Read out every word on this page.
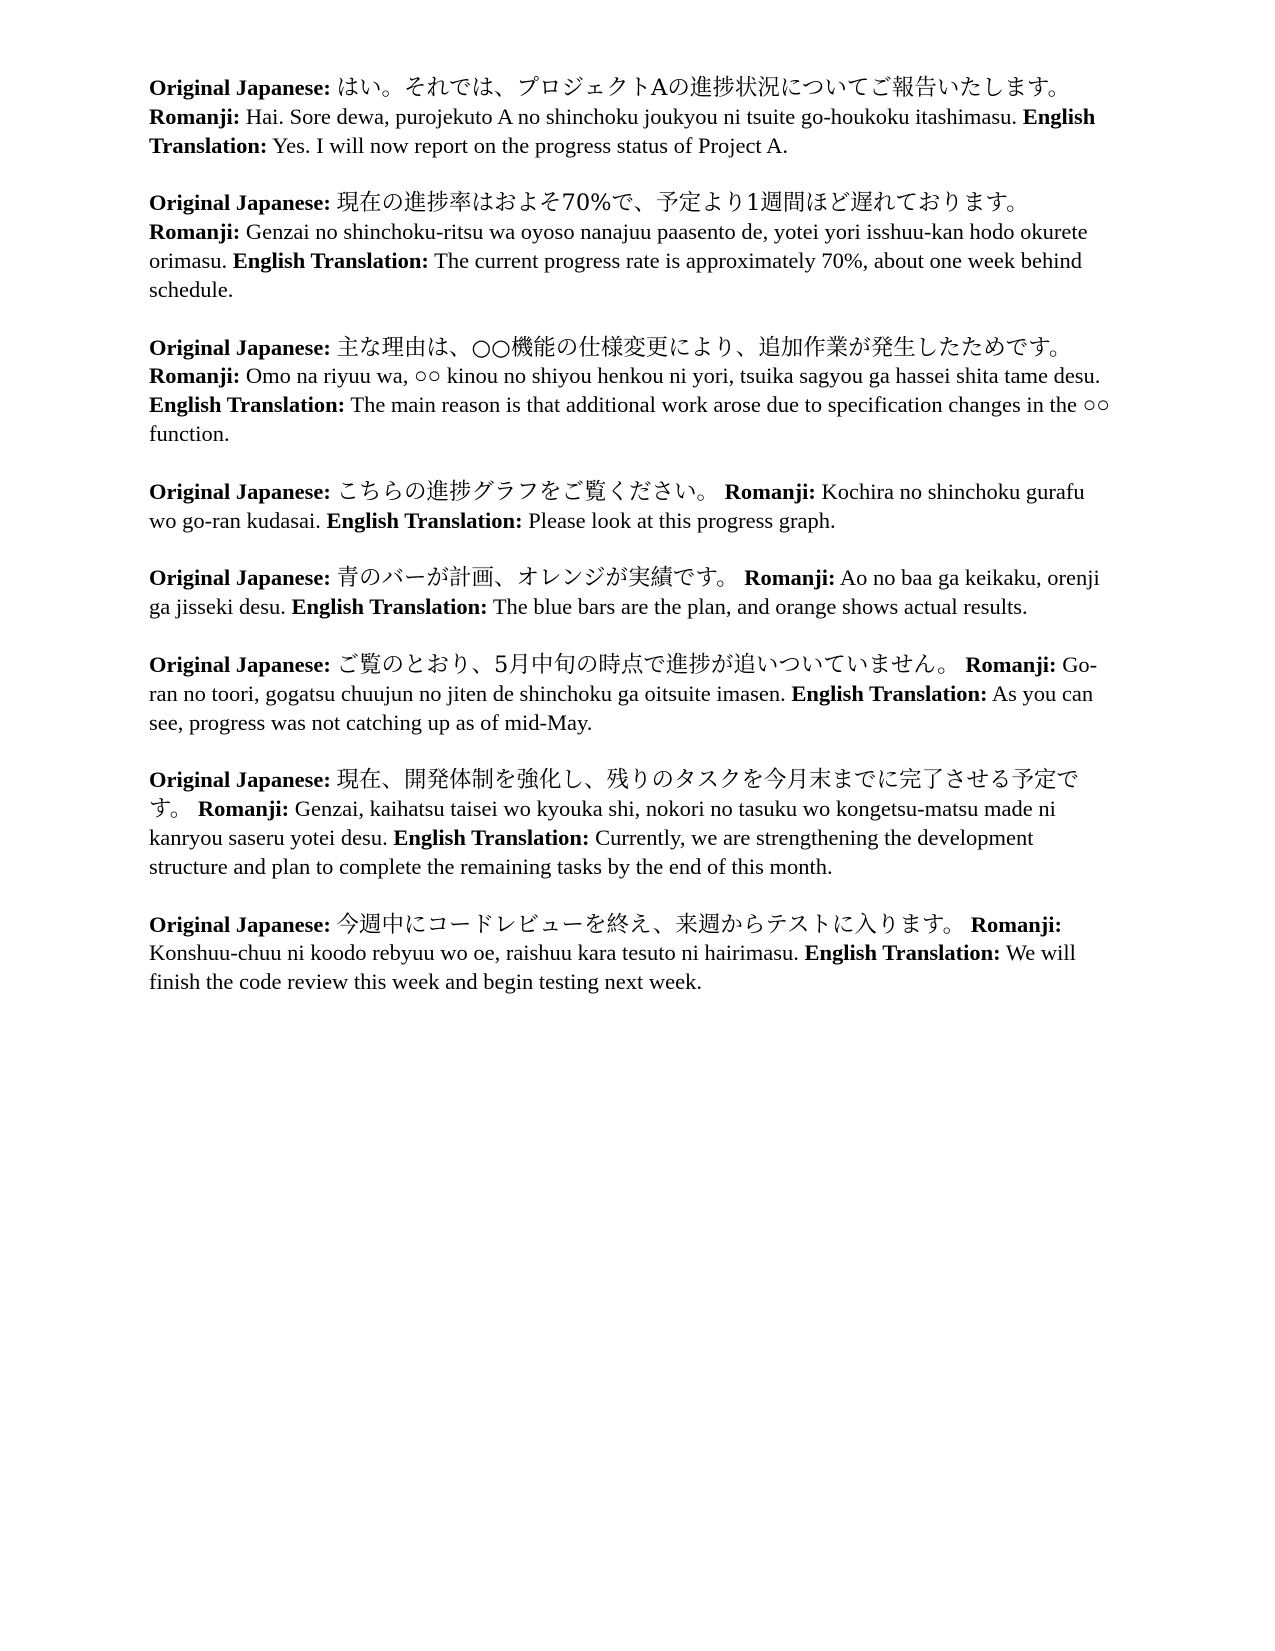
Original Japanese: はい。それでは、プロジェクトAの進捗状況についてご報告いたします。 Romanji: Hai. Sore dewa, purojekuto A no shinchoku joukyou ni tsuite go-houkoku itashimasu. English Translation: Yes. I will now report on the progress status of Project A.

Original Japanese: 現在の進捗率はおよそ70%で、予定より1週間ほど遅れております。 Romanji: Genzai no shinchoku-ritsu wa oyoso nanajuu paasento de, yotei yori isshuu-kan hodo okurete orimasu. English Translation: The current progress rate is approximately 70%, about one week behind schedule.

Original Japanese: 主な理由は、○○機能の仕様変更により、追加作業が発生したためです。 Romanji: Omo na riyuu wa, ○○ kinou no shiyou henkou ni yori, tsuika sagyou ga hassei shita tame desu. English Translation: The main reason is that additional work arose due to specification changes in the ○○ function.

Original Japanese: こちらの進捗グラフをご覧ください。 Romanji: Kochira no shinchoku gurafu wo go-ran kudasai. English Translation: Please look at this progress graph.

Original Japanese: 青のバーが計画、オレンジが実績です。 Romanji: Ao no baa ga keikaku, orenji ga jisseki desu. English Translation: The blue bars are the plan, and orange shows actual results.

Original Japanese: ご覧のとおり、5月中旬の時点で進捗が追いついていません。 Romanji: Go-ran no toori, gogatsu chuujun no jiten de shinchoku ga oitsuite imasen. English Translation: As you can see, progress was not catching up as of mid-May.

Original Japanese: 現在、開発体制を強化し、残りのタスクを今月末までに完了させる予定です。 Romanji: Genzai, kaihatsu taisei wo kyouka shi, nokori no tasuku wo kongetsu-matsu made ni kanryou saseru yotei desu. English Translation: Currently, we are strengthening the development structure and plan to complete the remaining tasks by the end of this month.

Original Japanese: 今週中にコードレビューを終え、来週からテストに入ります。 Romanji: Konshuu-chuu ni koodo rebyuu wo oe, raishuu kara tesuto ni hairimasu. English Translation: We will finish the code review this week and begin testing next week.
